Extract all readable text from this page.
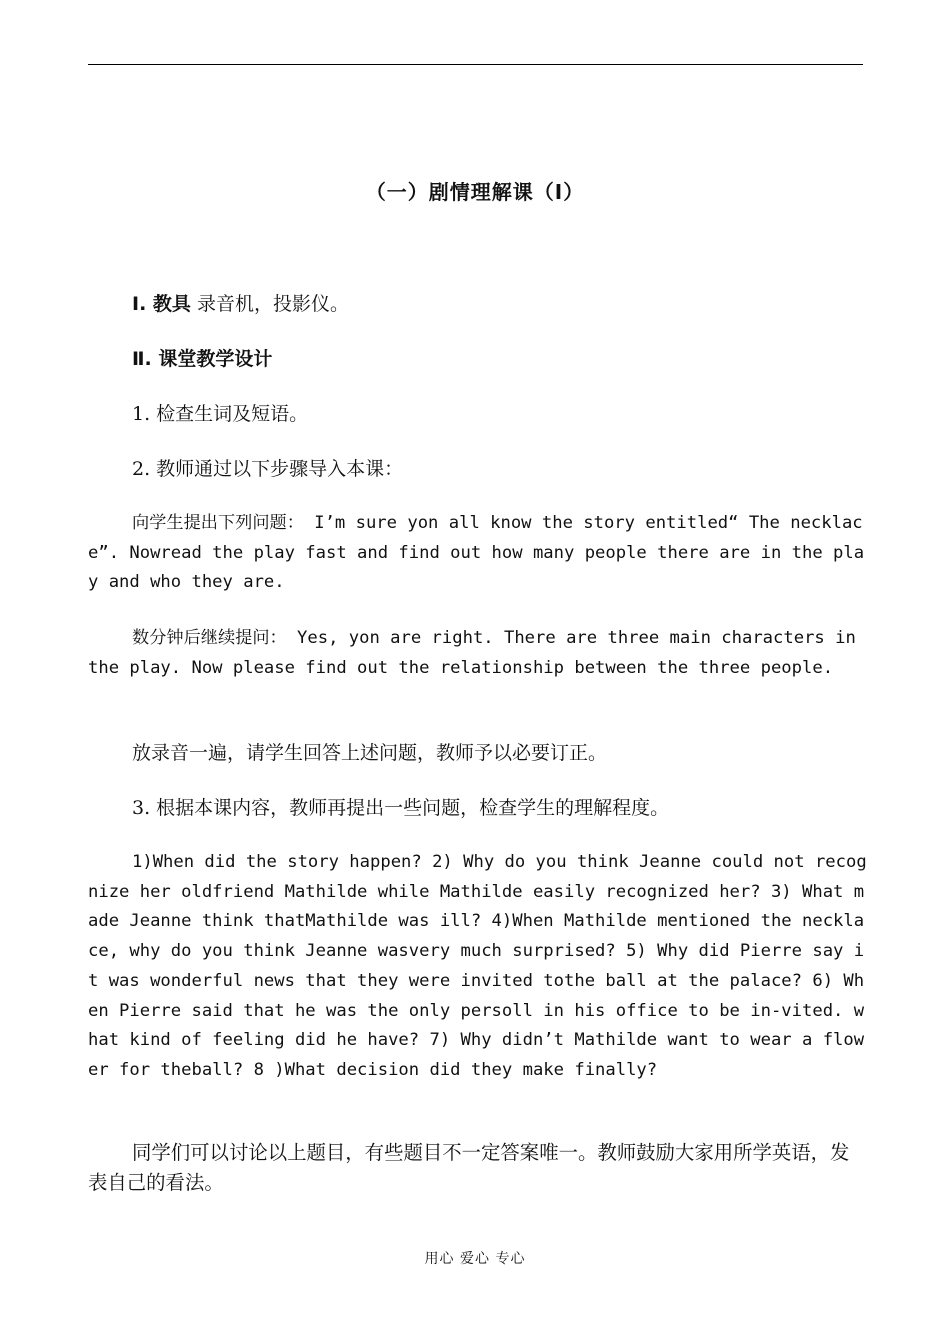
（一）剧情理解课（Ⅰ）
Ⅰ. 教具 录音机，投影仪。
Ⅱ. 课堂教学设计
1. 检查生词及短语。
2. 教师通过以下步骤导入本课：

向学生提出下列问题： I’m sure yon all know the story entitled“ The necklace”. Nowread the play fast and find out how many people there are in the play and who they are.

数分钟后继续提问： Yes, yon are right. There are three main characters in the play. Now please find out the relationship between the three people.

放录音一遍，请学生回答上述问题，教师予以必要订正。
3. 根据本课内容，教师再提出一些问题，检查学生的理解程度。

1)When did the story happen? 2) Why do you think Jeanne could not recognize her oldfriend Mathilde while Mathilde easily recognized her? 3) What made Jeanne think thatMathilde was ill? 4)When Mathilde mentioned the necklace, why do you think Jeanne wasvery much surprised? 5) Why did Pierre say it was wonderful news that they were invited tothe ball at the palace? 6) When Pierre said that he was the only persoll in his office to be in-vited. what kind of feeling did he have? 7) Why didn’t Mathilde want to wear a flower for theball? 8 )What decision did they make finally?

同学们可以讨论以上题目，有些题目不一定答案唯一。教师鼓励大家用所学英语，发表自己的看法。

用心 爱心 专心
